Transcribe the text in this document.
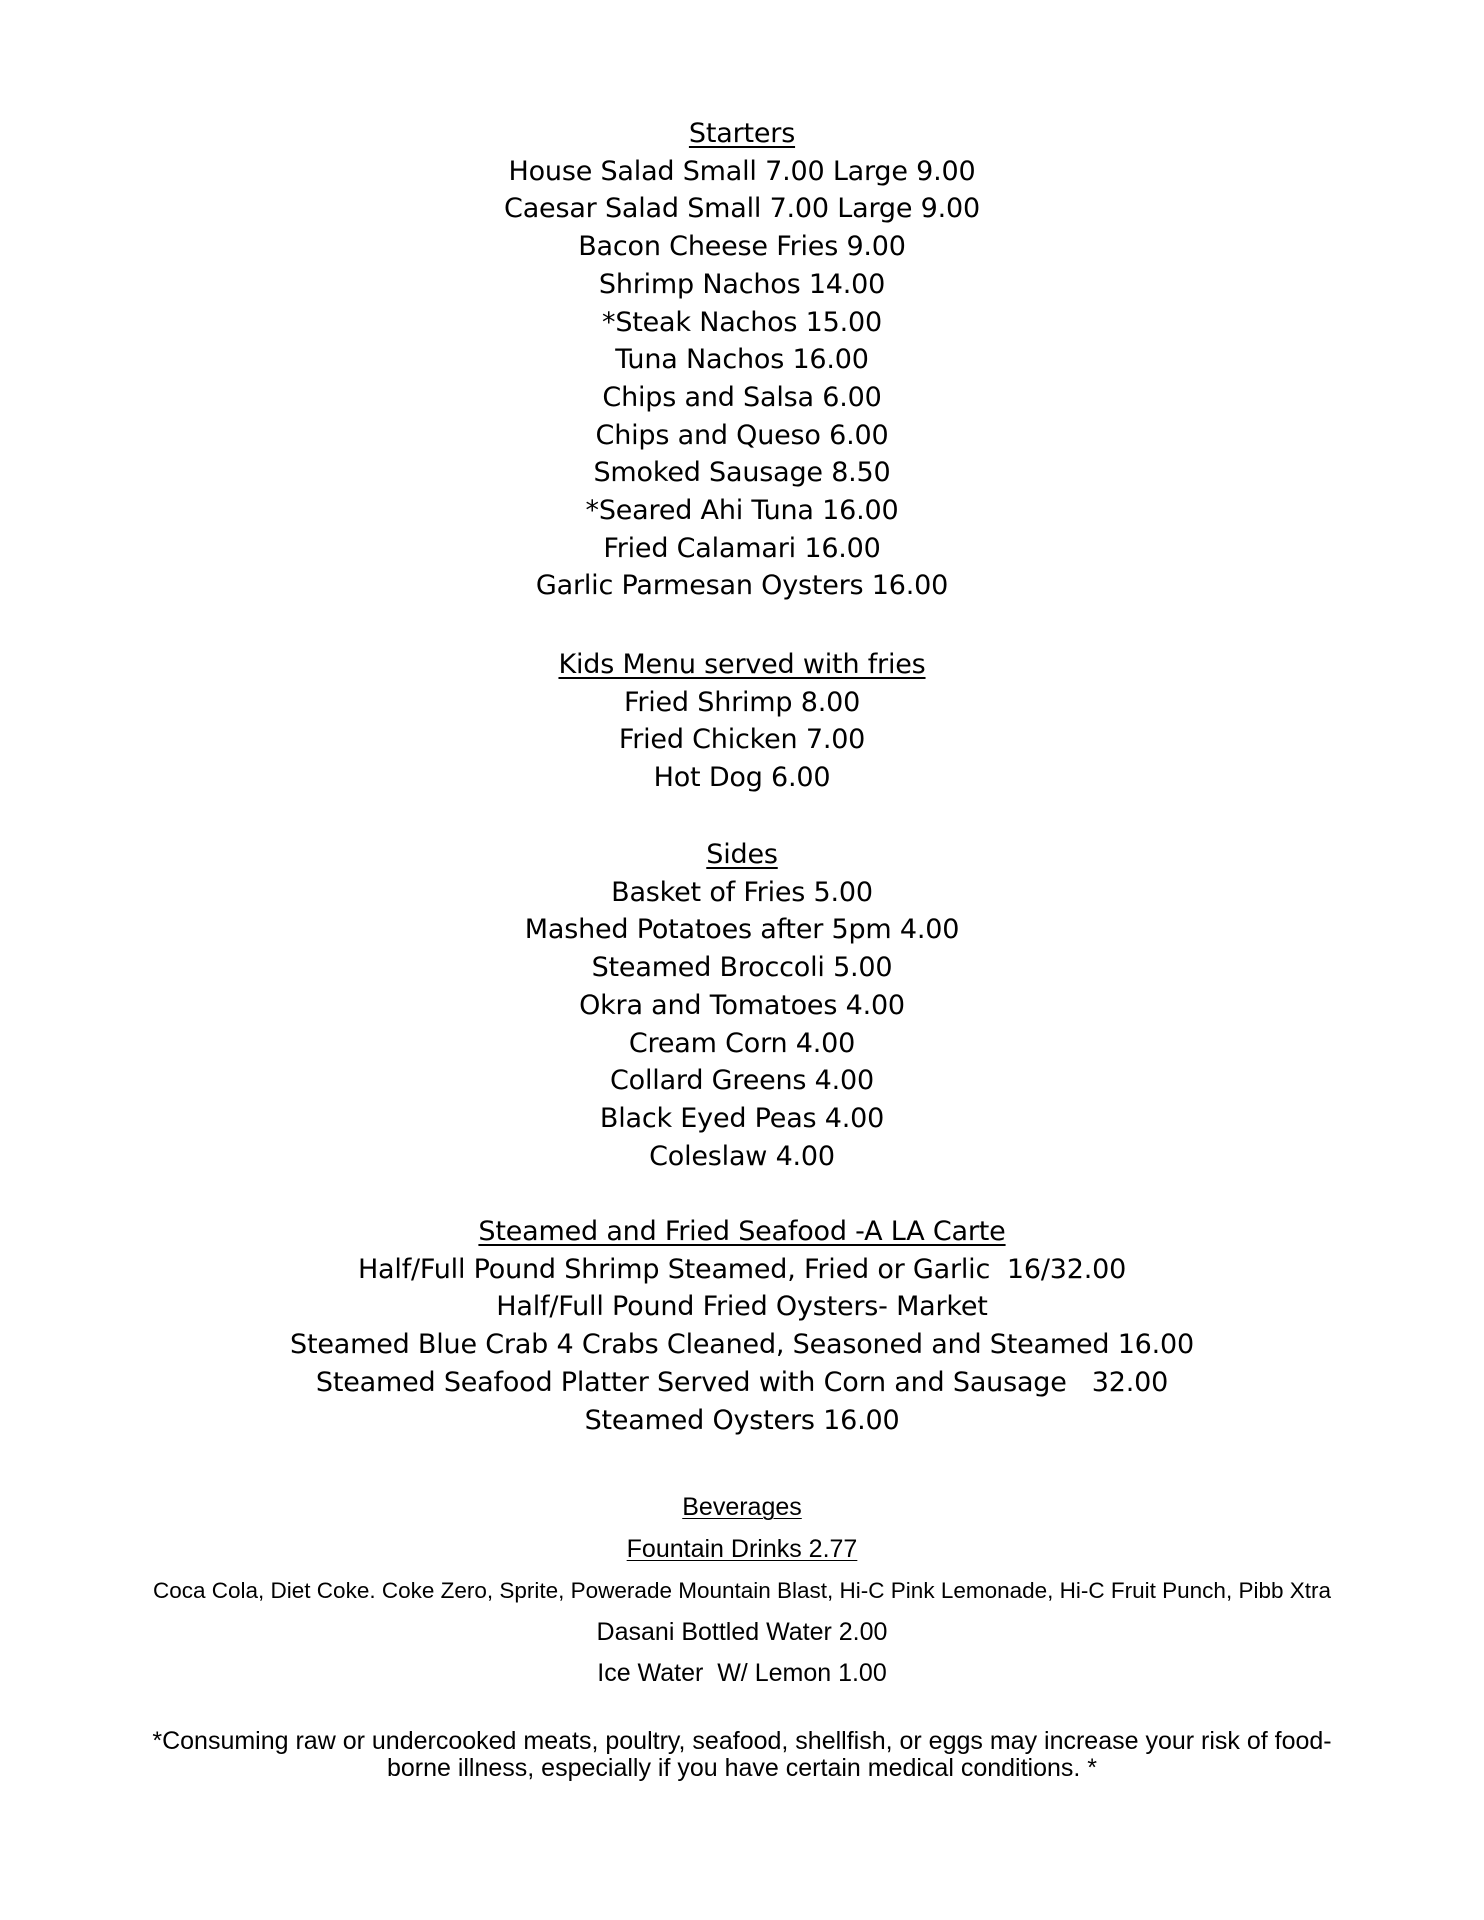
Starters
House Salad Small 7.00 Large 9.00
Caesar Salad Small 7.00 Large 9.00
Bacon Cheese Fries 9.00
Shrimp Nachos 14.00
*Steak Nachos 15.00
Tuna Nachos 16.00
Chips and Salsa 6.00
Chips and Queso 6.00
Smoked Sausage 8.50
*Seared Ahi Tuna 16.00
Fried Calamari 16.00
Garlic Parmesan Oysters 16.00
Kids Menu served with fries
Fried Shrimp 8.00
Fried Chicken 7.00
Hot Dog 6.00
Sides
Basket of Fries 5.00
Mashed Potatoes after 5pm 4.00
Steamed Broccoli 5.00
Okra and Tomatoes 4.00
Cream Corn 4.00
Collard Greens 4.00
Black Eyed Peas 4.00
Coleslaw 4.00
Steamed and Fried Seafood -A LA Carte
Half/Full Pound Shrimp Steamed, Fried or Garlic  16/32.00
Half/Full Pound Fried Oysters- Market
Steamed Blue Crab 4 Crabs Cleaned, Seasoned and Steamed 16.00
Steamed Seafood Platter Served with Corn and Sausage   32.00
Steamed Oysters 16.00
Beverages
Fountain Drinks 2.77
Coca Cola, Diet Coke. Coke Zero, Sprite, Powerade Mountain Blast, Hi-C Pink Lemonade, Hi-C Fruit Punch, Pibb Xtra
Dasani Bottled Water 2.00
Ice Water  W/ Lemon 1.00
*Consuming raw or undercooked meats, poultry, seafood, shellfish, or eggs may increase your risk of food-
borne illness, especially if you have certain medical conditions. *
